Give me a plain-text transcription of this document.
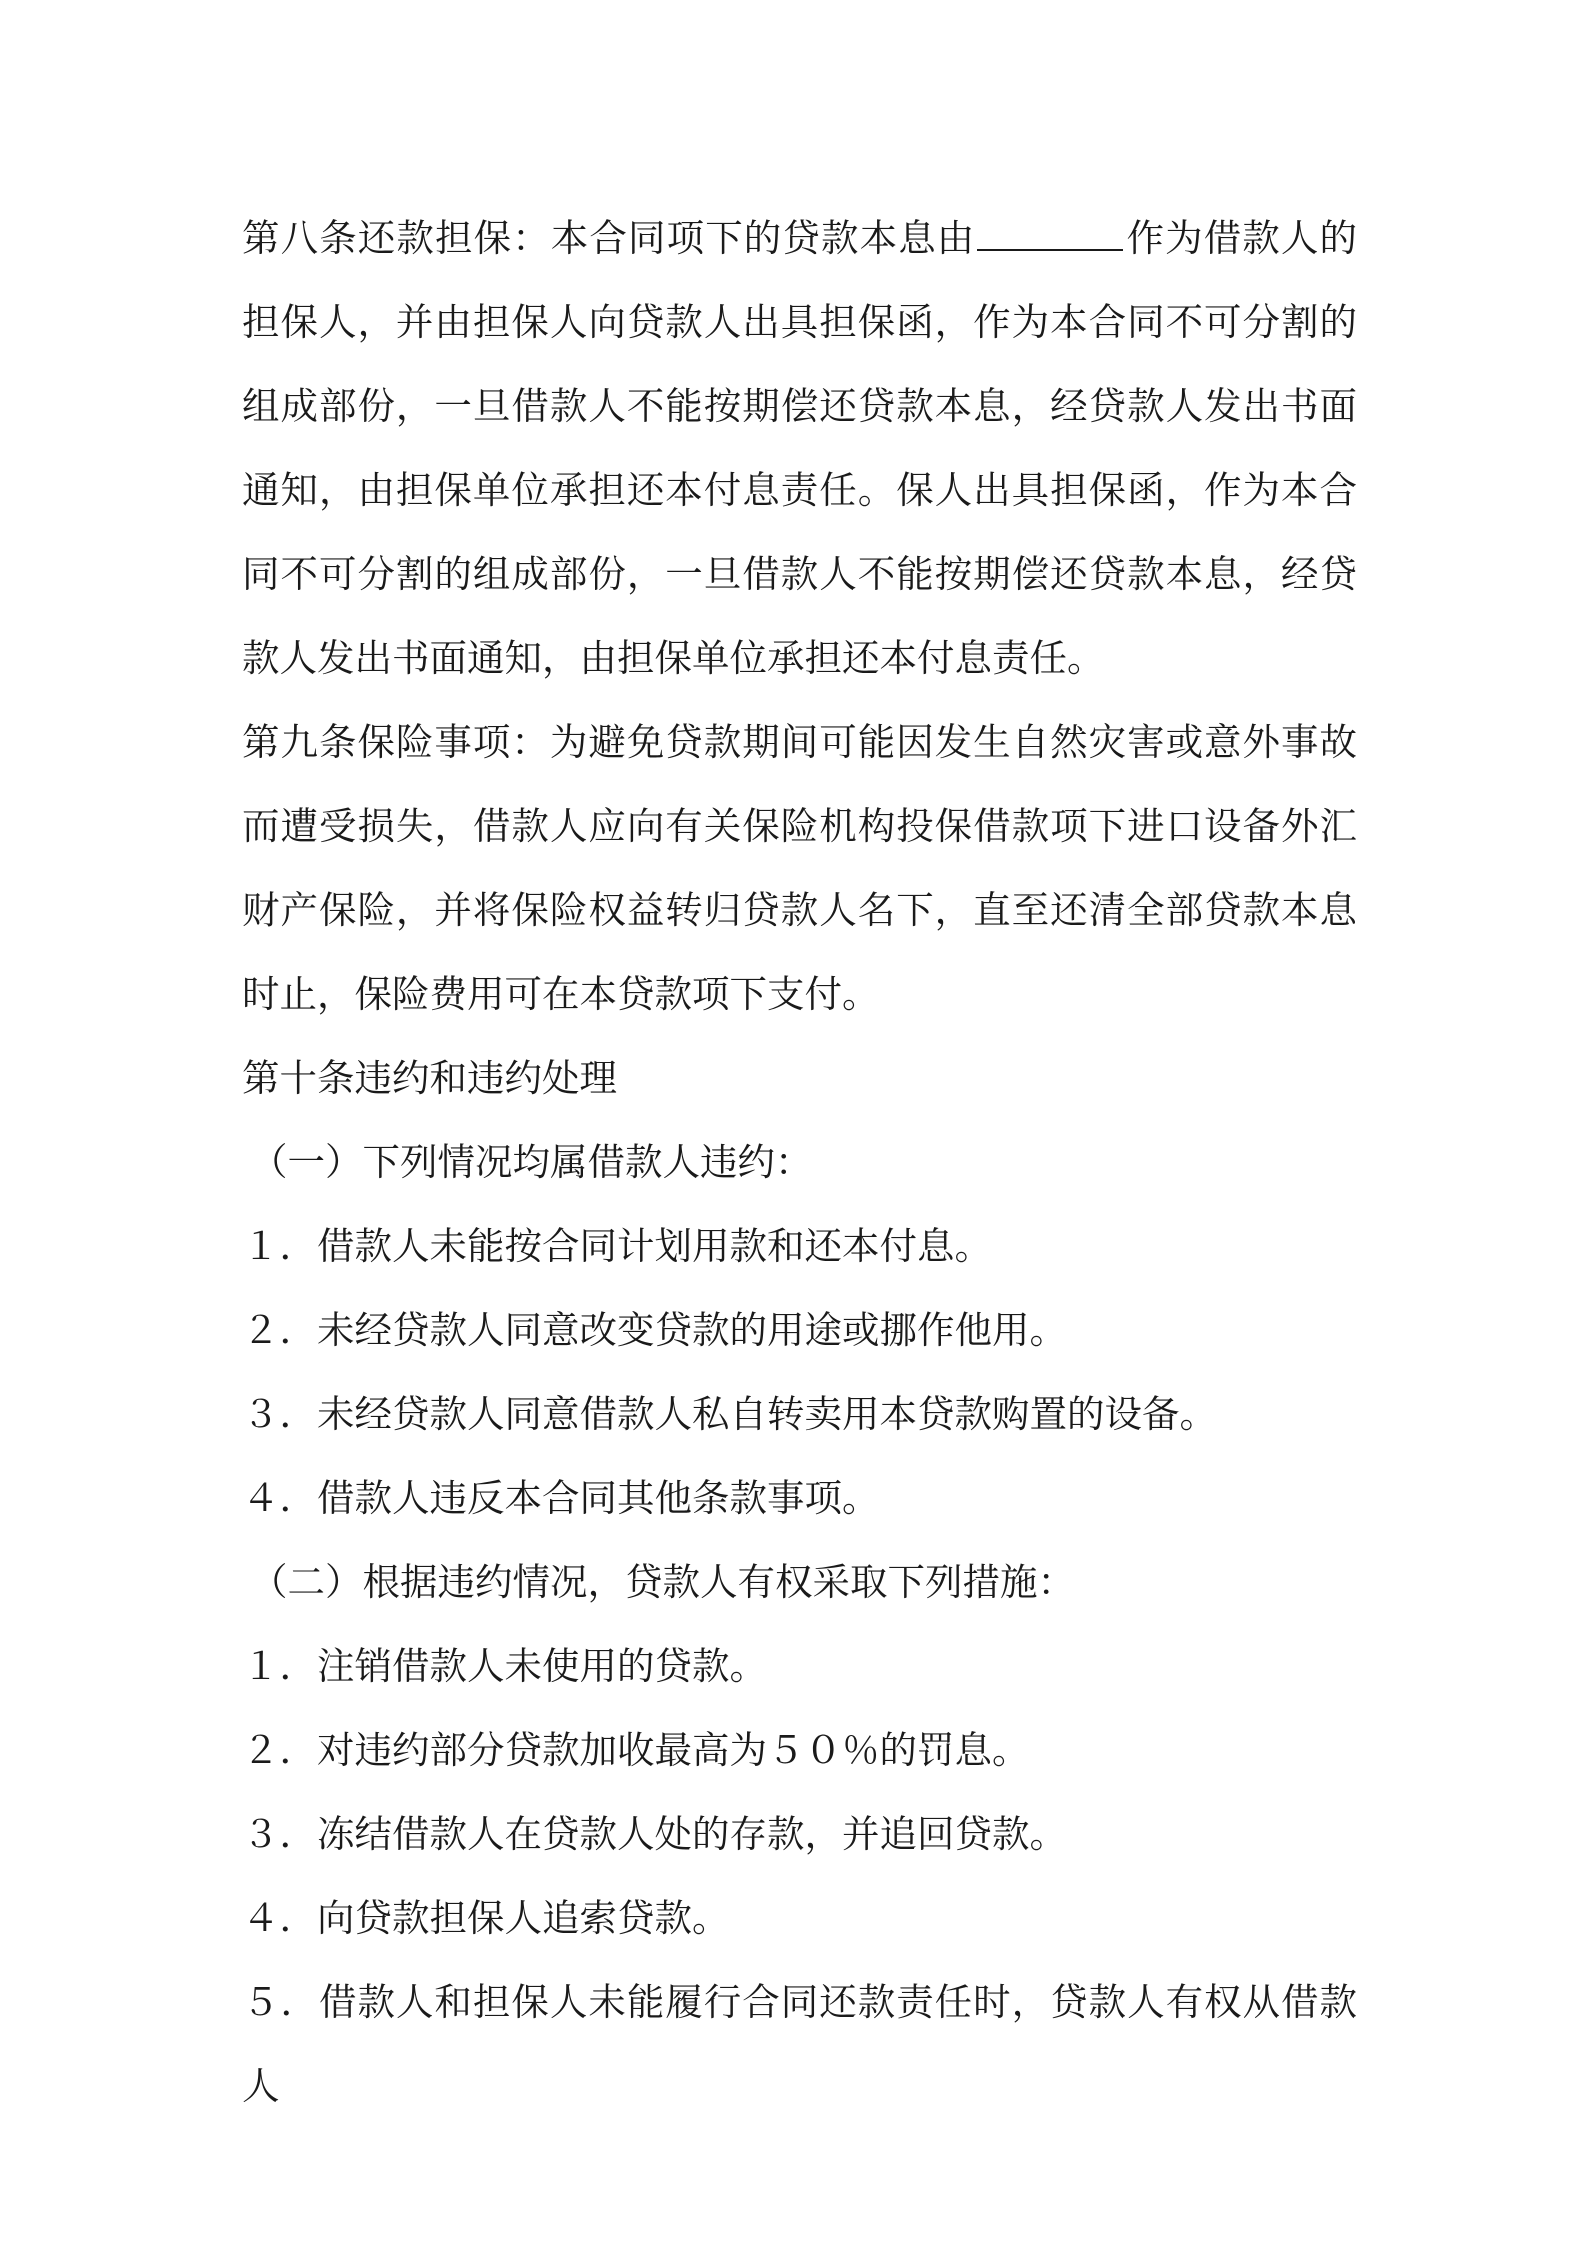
第八条还款担保：本合同项下的贷款本息由	作为借款人的担保人，并由担保人向贷款人出具担保函，作为本合同不可分割的组成部份，一旦借款人不能按期偿还贷款本息，经贷款人发出书面通知，由担保单位承担还本付息责任。保人出具担保函，作为本合同不可分割的组成部份，一旦借款人不能按期偿还贷款本息，经贷款人发出书面通知，由担保单位承担还本付息责任。

第九条保险事项：为避免贷款期间可能因发生自然灾害或意外事故而遭受损失，借款人应向有关保险机构投保借款项下进口设备外汇财产保险，并将保险权益转归贷款人名下，直至还清全部贷款本息时止，保险费用可在本贷款项下支付。

第十条违约和违约处理

（一）下列情况均属借款人违约：

１．借款人未能按合同计划用款和还本付息。

２．未经贷款人同意改变贷款的用途或挪作他用。

３．未经贷款人同意借款人私自转卖用本贷款购置的设备。

４．借款人违反本合同其他条款事项。

（二）根据违约情况，贷款人有权采取下列措施：

１．注销借款人未使用的贷款。

２．对违约部分贷款加收最高为５０％的罚息。

３．冻结借款人在贷款人处的存款，并追回贷款。

４．向贷款担保人追索贷款。

５．借款人和担保人未能履行合同还款责任时，贷款人有权从借款人
